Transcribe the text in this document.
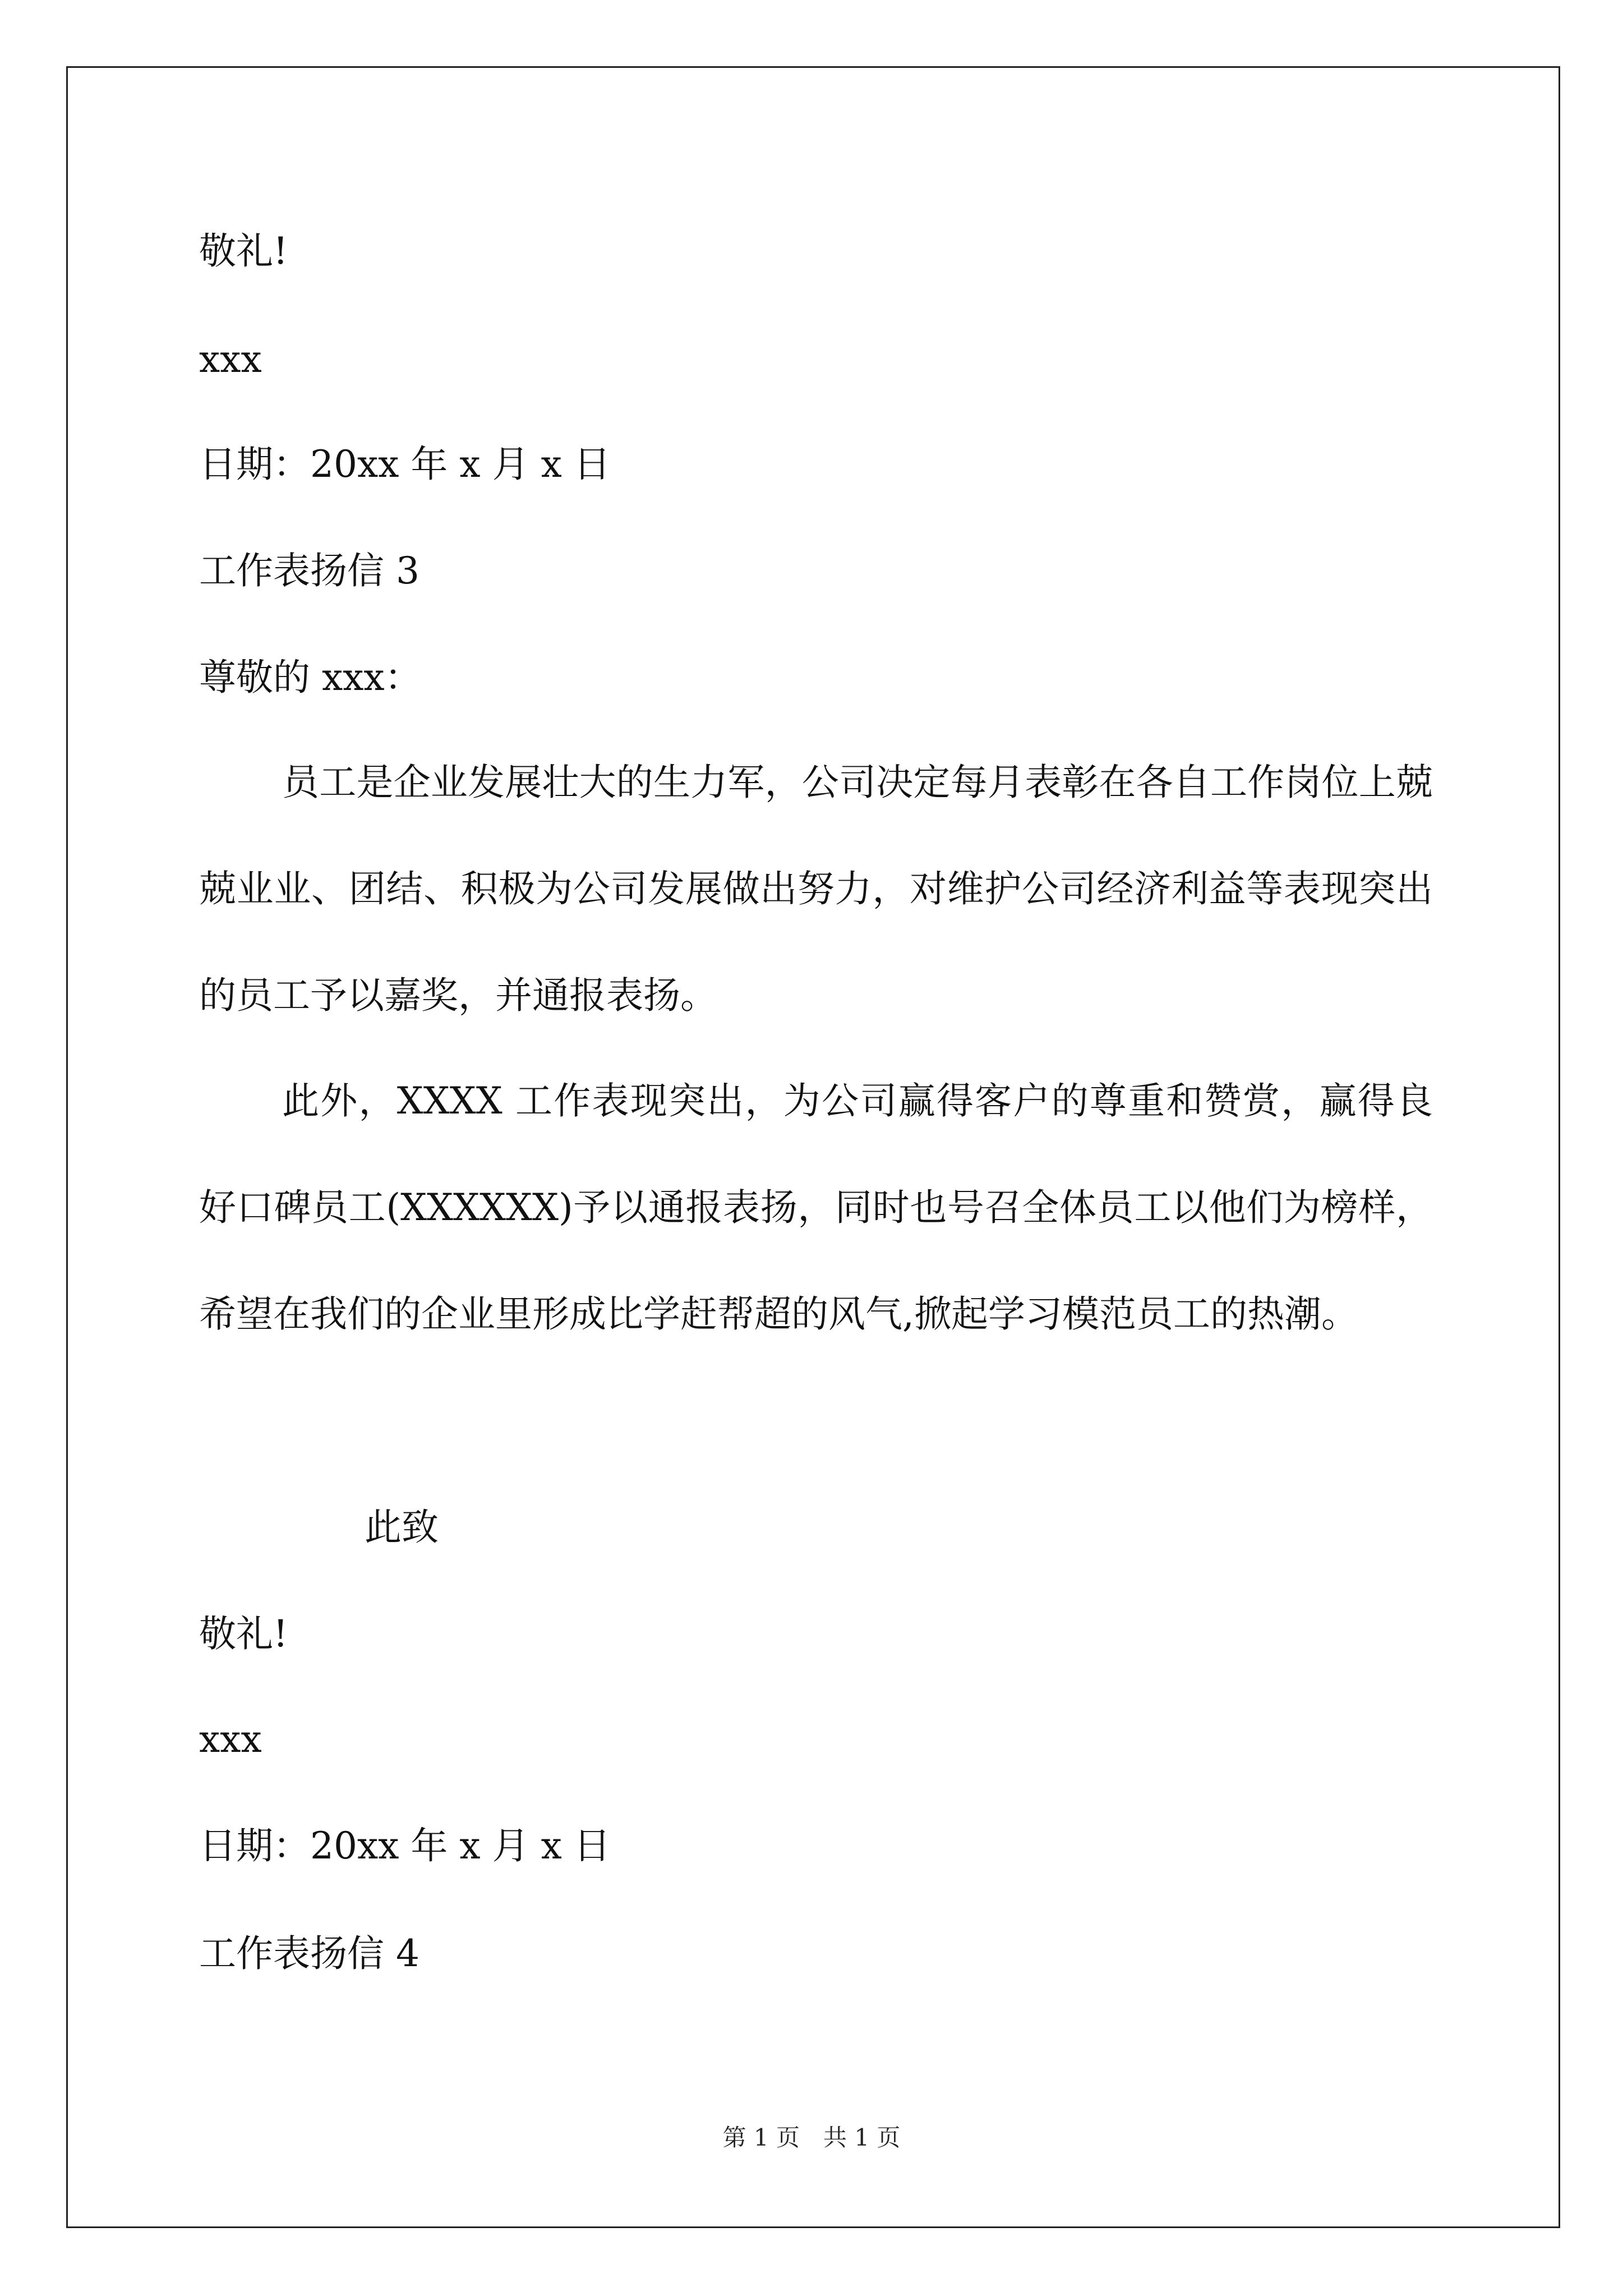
敬礼!
xxx
日期：20xx 年 x 月 x 日
工作表扬信 3
尊敬的 xxx：

员工是企业发展壮大的生力军，公司决定每月表彰在各自工作岗位上兢兢业业、团结、积极为公司发展做出努力，对维护公司经济利益等表现突出的员工予以嘉奖，并通报表扬。

此外，XXXX 工作表现突出，为公司赢得客户的尊重和赞赏，赢得良好口碑员工(XXXXXX)予以通报表扬，同时也号召全体员工以他们为榜样， 希望在我们的企业里形成比学赶帮超的风气,掀起学习模范员工的热潮。

此致
敬礼!
xxx
日期：20xx 年 x 月 x 日
工作表扬信 4
第 1 页　共 1 页
